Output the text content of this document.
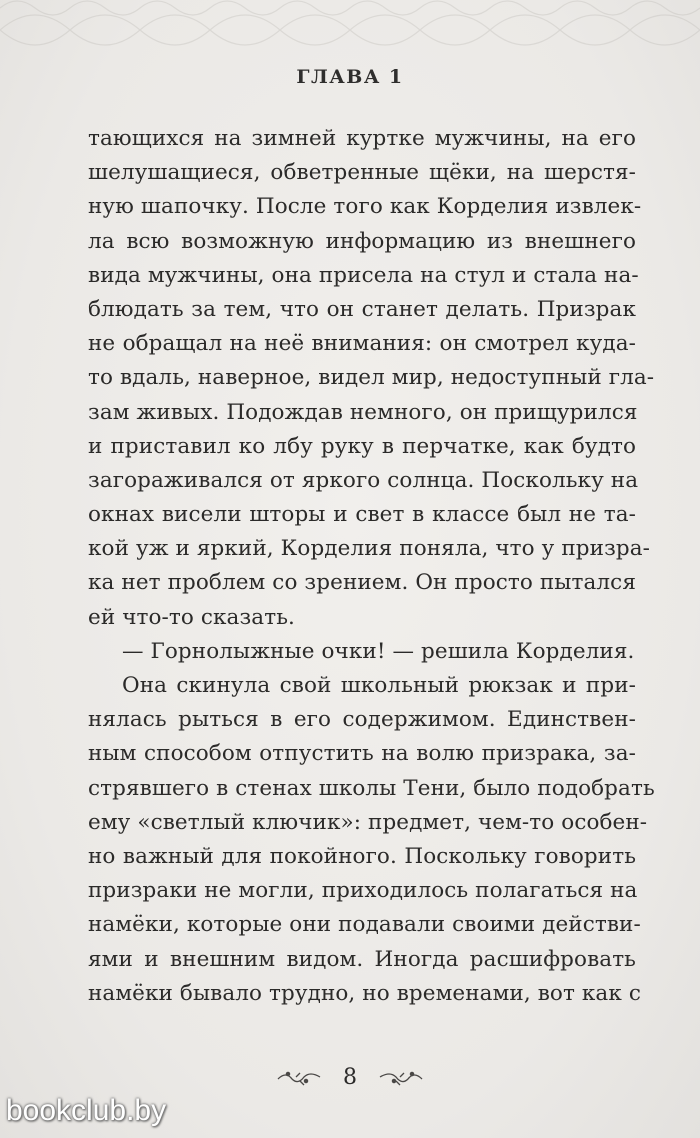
ГЛАВА 1
тающихся на зимней куртке мужчины, на его
шелушащиеся, обветренные щёки, на шерстя-
ную шапочку. После того как Корделия извлек-
ла всю возможную информацию из внешнего
вида мужчины, она присела на стул и стала на-
блюдать за тем, что он станет делать. Призрак
не обращал на неё внимания: он смотрел куда-
то вдаль, наверное, видел мир, недоступный гла-
зам живых. Подождав немного, он прищурился
и приставил ко лбу руку в перчатке, как будто
загораживался от яркого солнца. Поскольку на
окнах висели шторы и свет в классе был не та-
кой уж и яркий, Корделия поняла, что у призра-
ка нет проблем со зрением. Он просто пытался
ей что-то сказать.
— Горнолыжные очки! — решила Корделия.
Она скинула свой школьный рюкзак и при-
нялась рыться в его содержимом. Единствен-
ным способом отпустить на волю призрака, за-
стрявшего в стенах школы Тени, было подобрать
ему «светлый ключик»: предмет, чем-то особен-
но важный для покойного. Поскольку говорить
призраки не могли, приходилось полагаться на
намёки, которые они подавали своими действи-
ями и внешним видом. Иногда расшифровать
намёки бывало трудно, но временами, вот как с
8
bookclub.by
